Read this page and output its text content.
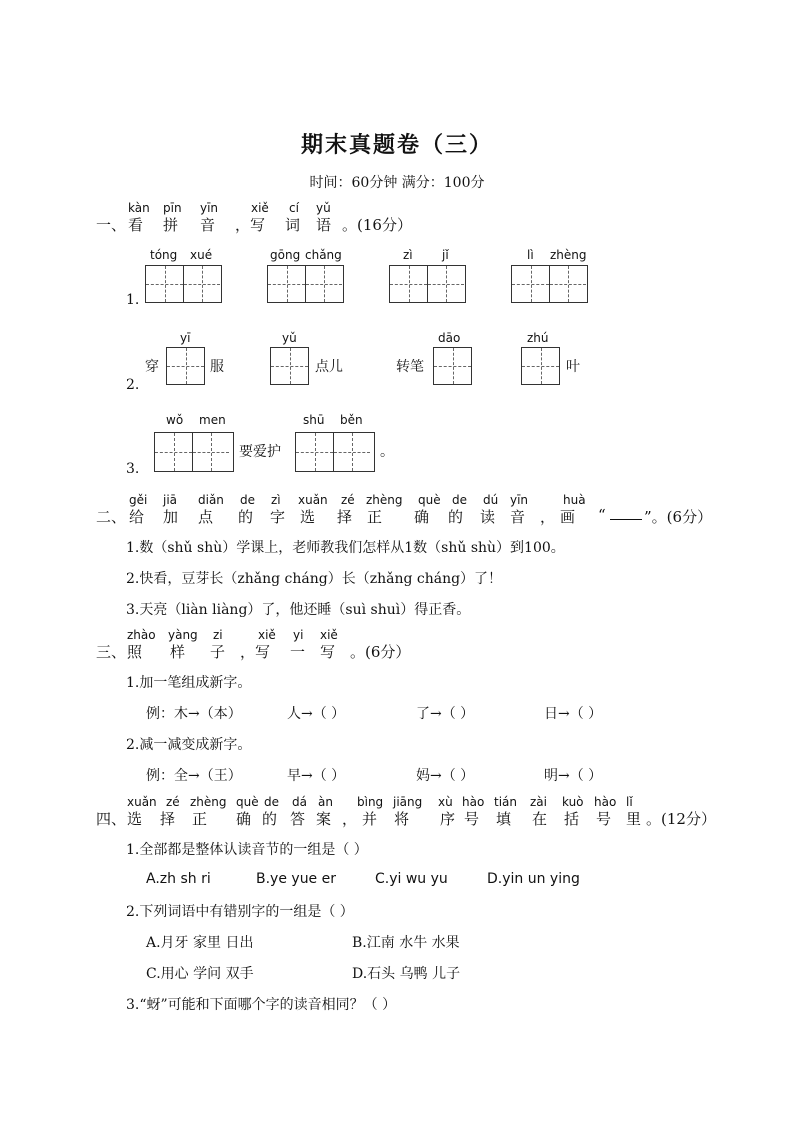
期末真题卷（三）
时间：60分钟 满分：100分
一、
kàn pīn yīn	xiě cí yǔ
看 拼 音 ，写 词 语 。(16分）
1.
tóng xué	gōng chǎng	zì jǐ	lì zhèng
2.
穿
yī
服
yǔ
点儿	转笔
dāo	zhú
叶
3.
wǒ men
要爱护
shū běn
。
二、
gěi jiā diǎn de zì xuǎn zé zhèng què de dú yīn	huà
给 加 点 的 字 选 择 正 确 的 读 音 ， 画 “	”。(6分）
1.数（shǔ shù）学课上，老师教我们怎样从1数（shǔ shù）到100。
2.快看，豆芽长（zhǎng cháng）长（zhǎng cháng）了！
3.天亮（liàn liàng）了，他还睡（suì shuì）得正香。
三、
zhào yàng zi	xiě yi xiě
照 样 子 ，写 一 写 。(6分）
1.加一笔组成新字。
例：木→（本）	人→（ ）	了→（ ）	日→（ ）
2.减一减变成新字。
例：全→（王）	早→（ ）	妈→（ ）	明→（ ）
四、
xuǎn zé zhèng què de dá àn bìng jiāng xù hào tián zài kuò hào lǐ
选 择 正 确 的 答 案 ， 并 将 序 号 填 在 括 号 里 。(12分）
1.全部都是整体认读音节的一组是（ ）
A.zh sh ri	B.ye yue er	C.yi wu yu	D.yin un ying
2.下列词语中有错别字的一组是（ ）
A.月牙 家里 日出	B.江南 水牛 水果
C.用心 学问 双手	D.石头 乌鸭 儿子
3.“蚜”可能和下面哪个字的读音相同？（ ）
